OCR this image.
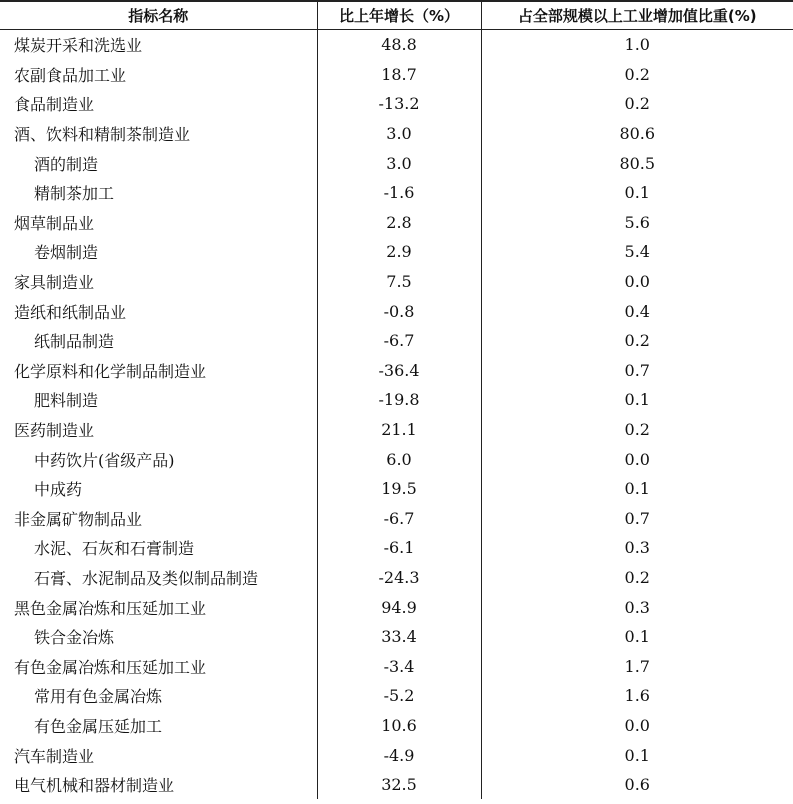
指标名称	比上年增长（%）	占全部规模以上工业增加值比重(%)
煤炭开采和洗选业	48.8	1.0
农副食品加工业	18.7	0.2
食品制造业	-13.2	0.2
酒、饮料和精制茶制造业	3.0	80.6
酒的制造	3.0	80.5
精制茶加工	-1.6	0.1
烟草制品业	2.8	5.6
卷烟制造	2.9	5.4
家具制造业	7.5	0.0
造纸和纸制品业	-0.8	0.4
纸制品制造	-6.7	0.2
化学原料和化学制品制造业	-36.4	0.7
肥料制造	-19.8	0.1
医药制造业	21.1	0.2
中药饮片(省级产品)	6.0	0.0
中成药	19.5	0.1
非金属矿物制品业	-6.7	0.7
水泥、石灰和石膏制造	-6.1	0.3
石膏、水泥制品及类似制品制造	-24.3	0.2
黑色金属冶炼和压延加工业	94.9	0.3
铁合金冶炼	33.4	0.1
有色金属冶炼和压延加工业	-3.4	1.7
常用有色金属冶炼	-5.2	1.6
有色金属压延加工	10.6	0.0
汽车制造业	-4.9	0.1
电气机械和器材制造业	32.5	0.6
